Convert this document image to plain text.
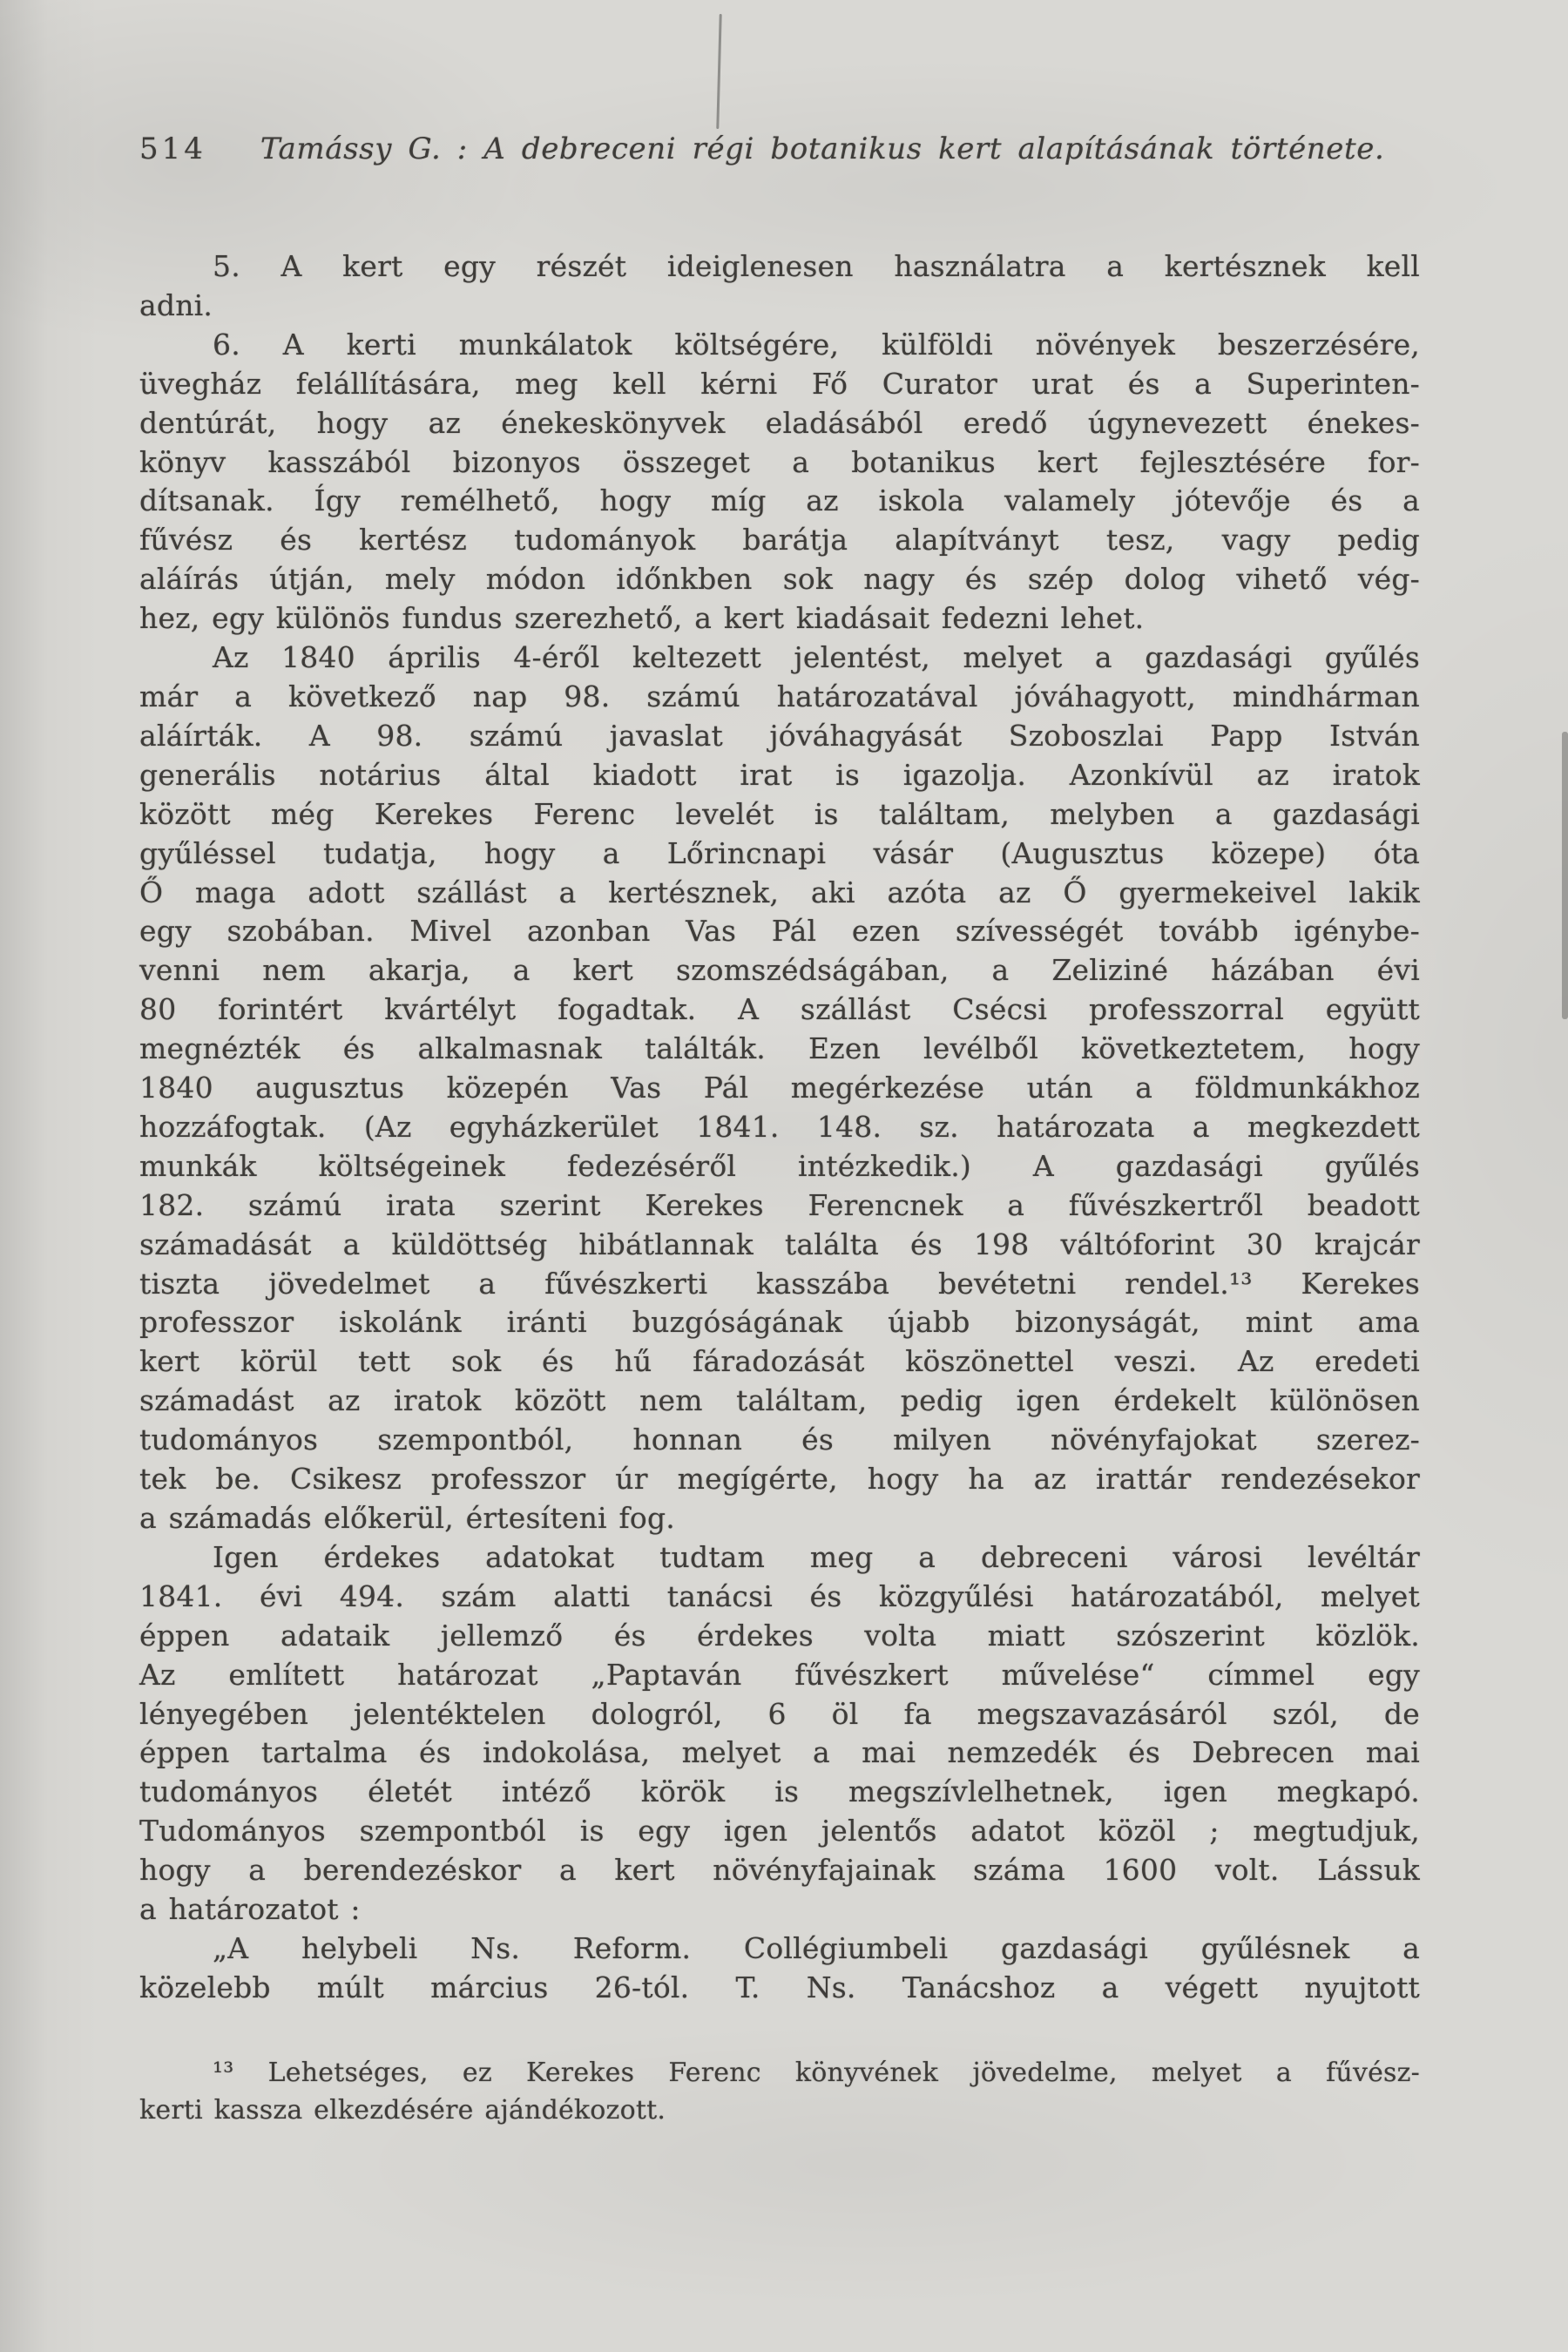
514 Tamássy G. : A debreceni régi botanikus kert alapításának története.
5. A kert egy részét ideiglenesen használatra a kertésznek kell
adni.
6. A kerti munkálatok költségére, külföldi növények beszerzésére,
üvegház felállítására, meg kell kérni Fő Curator urat és a Superinten-
dentúrát, hogy az énekeskönyvek eladásából eredő úgynevezett énekes-
könyv kasszából bizonyos összeget a botanikus kert fejlesztésére for-
dítsanak. Így remélhető, hogy míg az iskola valamely jótevője és a
fűvész és kertész tudományok barátja alapítványt tesz, vagy pedig
aláírás útján, mely módon időnkben sok nagy és szép dolog vihető vég-
hez, egy különös fundus szerezhető, a kert kiadásait fedezni lehet.
Az 1840 április 4-éről keltezett jelentést, melyet a gazdasági gyűlés
már a következő nap 98. számú határozatával jóváhagyott, mindhárman
aláírták. A 98. számú javaslat jóváhagyását Szoboszlai Papp István
generális notárius által kiadott irat is igazolja. Azonkívül az iratok
között még Kerekes Ferenc levelét is találtam, melyben a gazdasági
gyűléssel tudatja, hogy a Lőrincnapi vásár (Augusztus közepe) óta
Ő maga adott szállást a kertésznek, aki azóta az Ő gyermekeivel lakik
egy szobában. Mivel azonban Vas Pál ezen szívességét tovább igénybe-
venni nem akarja, a kert szomszédságában, a Zeliziné házában évi
80 forintért kvártélyt fogadtak. A szállást Csécsi professzorral együtt
megnézték és alkalmasnak találták. Ezen levélből következtetem, hogy
1840 augusztus közepén Vas Pál megérkezése után a földmunkákhoz
hozzáfogtak. (Az egyházkerület 1841. 148. sz. határozata a megkezdett
munkák költségeinek fedezéséről intézkedik.) A gazdasági gyűlés
182. számú irata szerint Kerekes Ferencnek a fűvészkertről beadott
számadását a küldöttség hibátlannak találta és 198 váltóforint 30 krajcár
tiszta jövedelmet a fűvészkerti kasszába bevétetni rendel.¹³ Kerekes
professzor iskolánk iránti buzgóságának újabb bizonyságát, mint ama
kert körül tett sok és hű fáradozását köszönettel veszi. Az eredeti
számadást az iratok között nem találtam, pedig igen érdekelt különösen
tudományos szempontból, honnan és milyen növényfajokat szerez-
tek be. Csikesz professzor úr megígérte, hogy ha az irattár rendezésekor
a számadás előkerül, értesíteni fog.
Igen érdekes adatokat tudtam meg a debreceni városi levéltár
1841. évi 494. szám alatti tanácsi és közgyűlési határozatából, melyet
éppen adataik jellemző és érdekes volta miatt szószerint közlök.
Az említett határozat „Paptaván fűvészkert művelése“ címmel egy
lényegében jelentéktelen dologról, 6 öl fa megszavazásáról szól, de
éppen tartalma és indokolása, melyet a mai nemzedék és Debrecen mai
tudományos életét intéző körök is megszívlelhetnek, igen megkapó.
Tudományos szempontból is egy igen jelentős adatot közöl ; megtudjuk,
hogy a berendezéskor a kert növényfajainak száma 1600 volt. Lássuk
a határozatot :
„A helybeli Ns. Reform. Collégiumbeli gazdasági gyűlésnek a
közelebb múlt március 26-tól. T. Ns. Tanácshoz a végett nyujtott
¹³ Lehetséges, ez Kerekes Ferenc könyvének jövedelme, melyet a fűvész-
kerti kassza elkezdésére ajándékozott.
